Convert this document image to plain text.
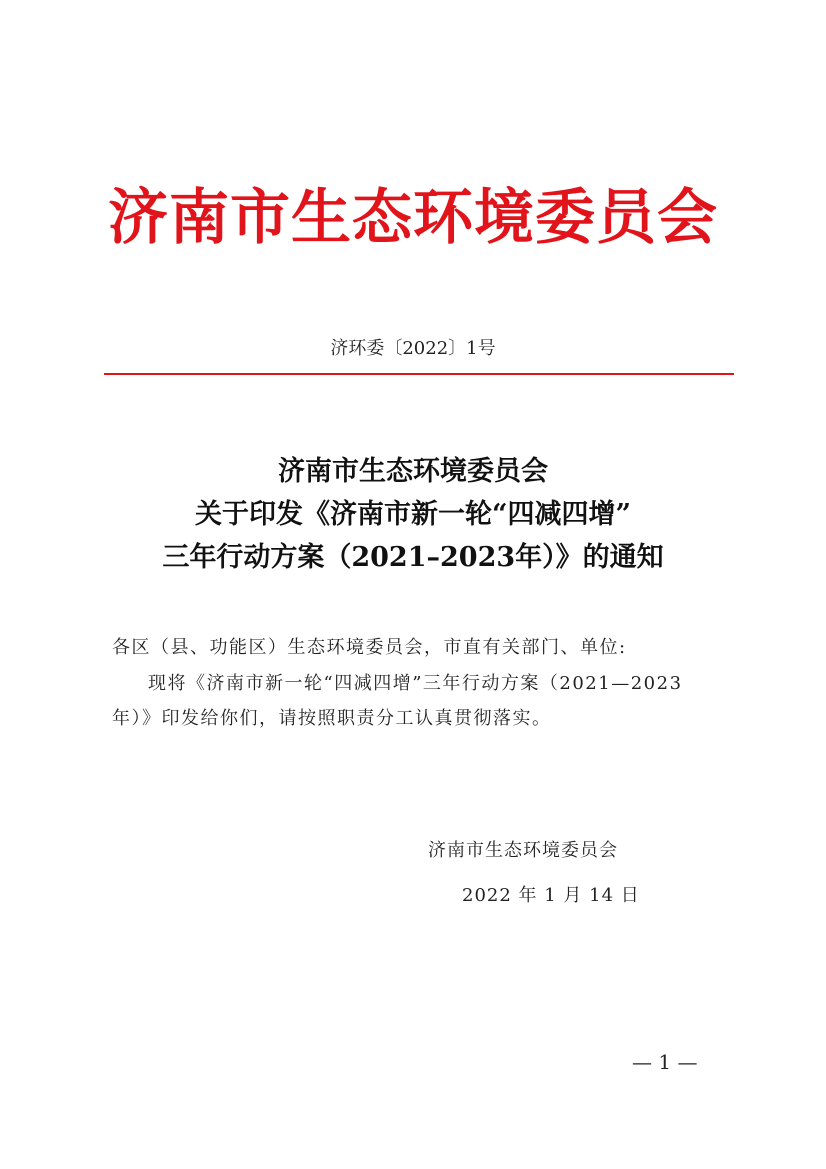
济南市生态环境委员会
济环委〔2022〕1号
济南市生态环境委员会
关于印发《济南市新一轮“四减四增”
三年行动方案（2021–2023年）》的通知
各区（县、功能区）生态环境委员会，市直有关部门、单位:
现将《济南市新一轮“四减四增”三年行动方案（2021—2023 年）》印发给你们，请按照职责分工认真贯彻落实。
济南市生态环境委员会
2022 年 1 月 14 日
— 1 —
